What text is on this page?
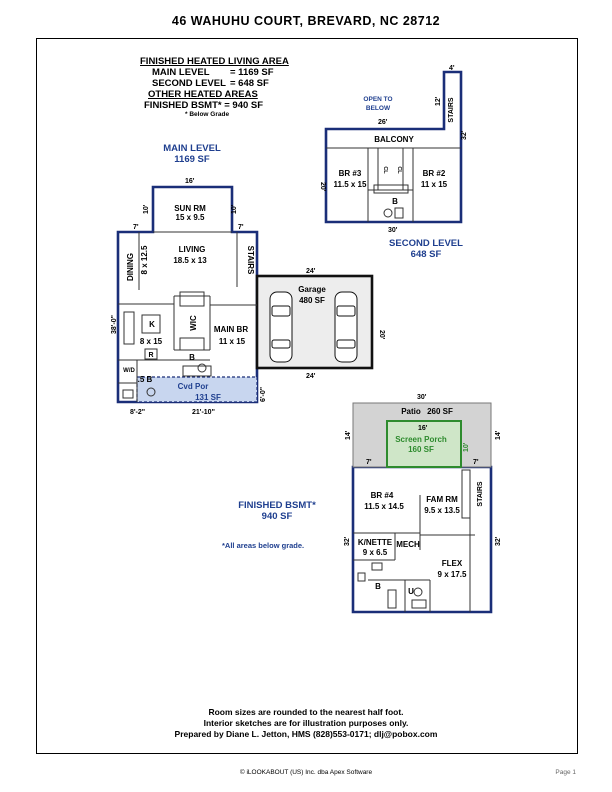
46 WAHUHU COURT, BREVARD, NC 28712
FINISHED HEATED LIVING AREA
MAIN LEVEL = 1169 SF
SECOND LEVEL = 648 SF
OTHER HEATED AREAS
FINISHED BSMT* = 940 SF
* Below Grade
MAIN LEVEL
1169 SF
SECOND LEVEL
648 SF
FINISHED BSMT*
940 SF
*All areas below grade.
16'
10'	10'
7'	7'
38'-0"
6'-0"
8'-2"	21'-10"
24'
24'
20'
4'
12'
26'
20'
32'
30'
30'
16'
14'	14'
10'
7'	7'
32'	32'
SUN RM
15 x 9.5
LIVING
18.5 x 13
DINING 8 x 12.5	STAIRS
WIC MAIN BR
11 x 15
K
8 x 15
R	B
W/D
.5 B
Cvd Por
131 SF
Garage
480 SF
OPEN TO
BELOW
BALCONY
BR #3
11.5 x 15
BR #2
11 x 15
STAIRS
B
CL CL
Patio 260 SF
Screen Porch
160 SF
BR #4
11.5 x 14.5
FAM RM
9.5 x 13.5
STAIRS
K/NETTE
9 x 6.5
MECH
FLEX
9 x 17.5
B
U
Room sizes are rounded to the nearest half foot.
Interior sketches are for illustration purposes only.
Prepared by Diane L. Jetton, HMS (828)553-0171; dlj@pobox.com
© iLOOKABOUT (US) Inc. dba Apex Software	Page 1
